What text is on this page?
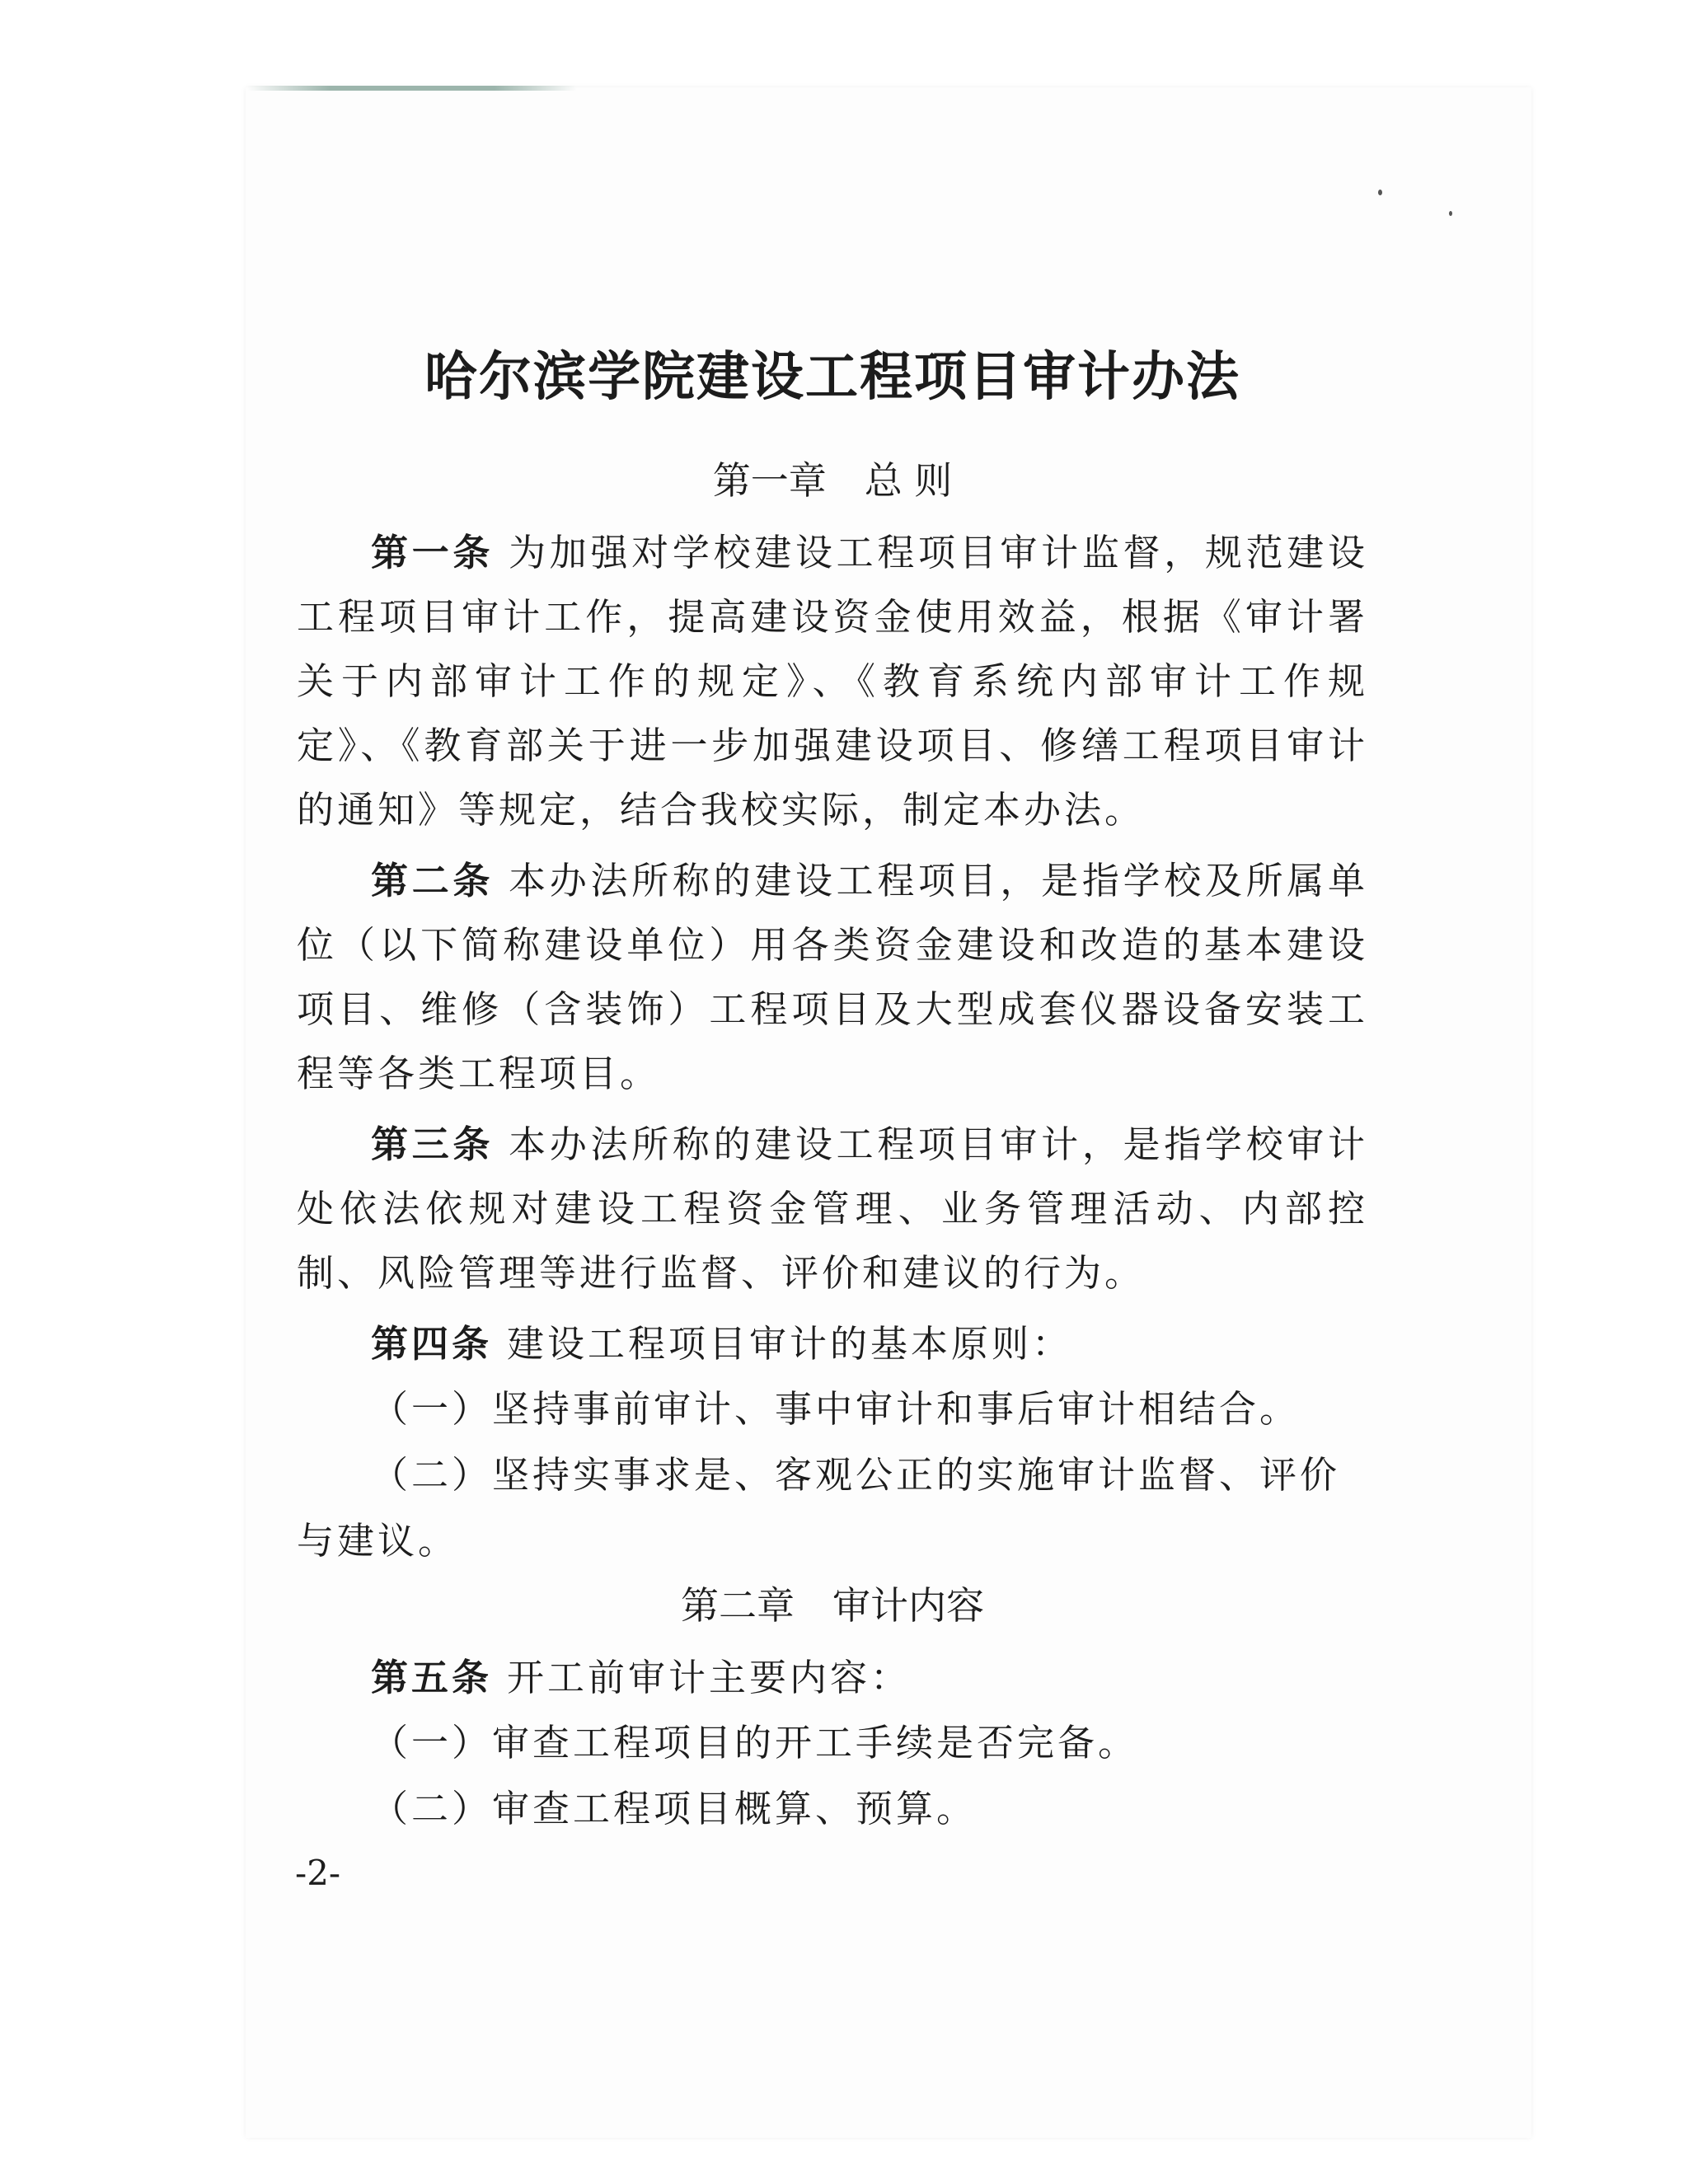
哈尔滨学院建设工程项目审计办法
第一章 总 则

第一条 为加强对学校建设工程项目审计监督，规范建设工程项目审计工作，提高建设资金使用效益，根据《审计署关于内部审计工作的规定》、《教育系统内部审计工作规定》、《教育部关于进一步加强建设项目、修缮工程项目审计的通知》等规定，结合我校实际，制定本办法。

第二条 本办法所称的建设工程项目，是指学校及所属单位（以下简称建设单位）用各类资金建设和改造的基本建设项目、维修（含装饰）工程项目及大型成套仪器设备安装工程等各类工程项目。

第三条 本办法所称的建设工程项目审计，是指学校审计处依法依规对建设工程资金管理、业务管理活动、内部控制、风险管理等进行监督、评价和建议的行为。

第四条 建设工程项目审计的基本原则：

（一）坚持事前审计、事中审计和事后审计相结合。

（二）坚持实事求是、客观公正的实施审计监督、评价与建议。

第二章 审计内容

第五条 开工前审计主要内容：

（一）审查工程项目的开工手续是否完备。

（二）审查工程项目概算、预算。

-2-
